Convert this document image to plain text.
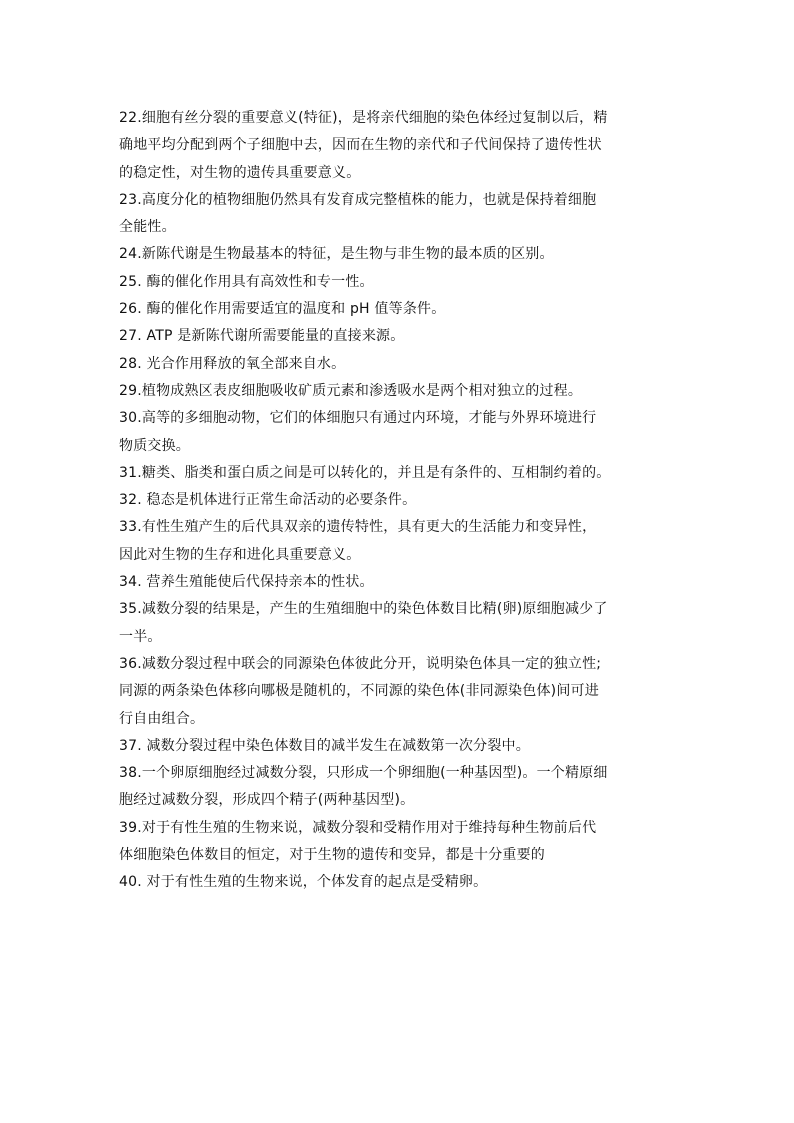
22.细胞有丝分裂的重要意义(特征)，是将亲代细胞的染色体经过复制以后，精
确地平均分配到两个子细胞中去，因而在生物的亲代和子代间保持了遗传性状
的稳定性，对生物的遗传具重要意义。
23.高度分化的植物细胞仍然具有发育成完整植株的能力，也就是保持着细胞
全能性。
24.新陈代谢是生物最基本的特征，是生物与非生物的最本质的区别。
25. 酶的催化作用具有高效性和专一性。
26. 酶的催化作用需要适宜的温度和 pH 值等条件。
27. ATP 是新陈代谢所需要能量的直接来源。
28. 光合作用释放的氧全部来自水。
29.植物成熟区表皮细胞吸收矿质元素和渗透吸水是两个相对独立的过程。
30.高等的多细胞动物，它们的体细胞只有通过内环境，才能与外界环境进行
物质交换。
31.糖类、脂类和蛋白质之间是可以转化的，并且是有条件的、互相制约着的。
32. 稳态是机体进行正常生命活动的必要条件。
33.有性生殖产生的后代具双亲的遗传特性，具有更大的生活能力和变异性，
因此对生物的生存和进化具重要意义。
34. 营养生殖能使后代保持亲本的性状。
35.减数分裂的结果是，产生的生殖细胞中的染色体数目比精(卵)原细胞减少了
一半。
36.减数分裂过程中联会的同源染色体彼此分开，说明染色体具一定的独立性;
同源的两条染色体移向哪极是随机的，不同源的染色体(非同源染色体)间可进
行自由组合。
37. 减数分裂过程中染色体数目的减半发生在减数第一次分裂中。
38.一个卵原细胞经过减数分裂，只形成一个卵细胞(一种基因型)。一个精原细
胞经过减数分裂，形成四个精子(两种基因型)。
39.对于有性生殖的生物来说，减数分裂和受精作用对于维持每种生物前后代
体细胞染色体数目的恒定，对于生物的遗传和变异，都是十分重要的
40. 对于有性生殖的生物来说，个体发育的起点是受精卵。
